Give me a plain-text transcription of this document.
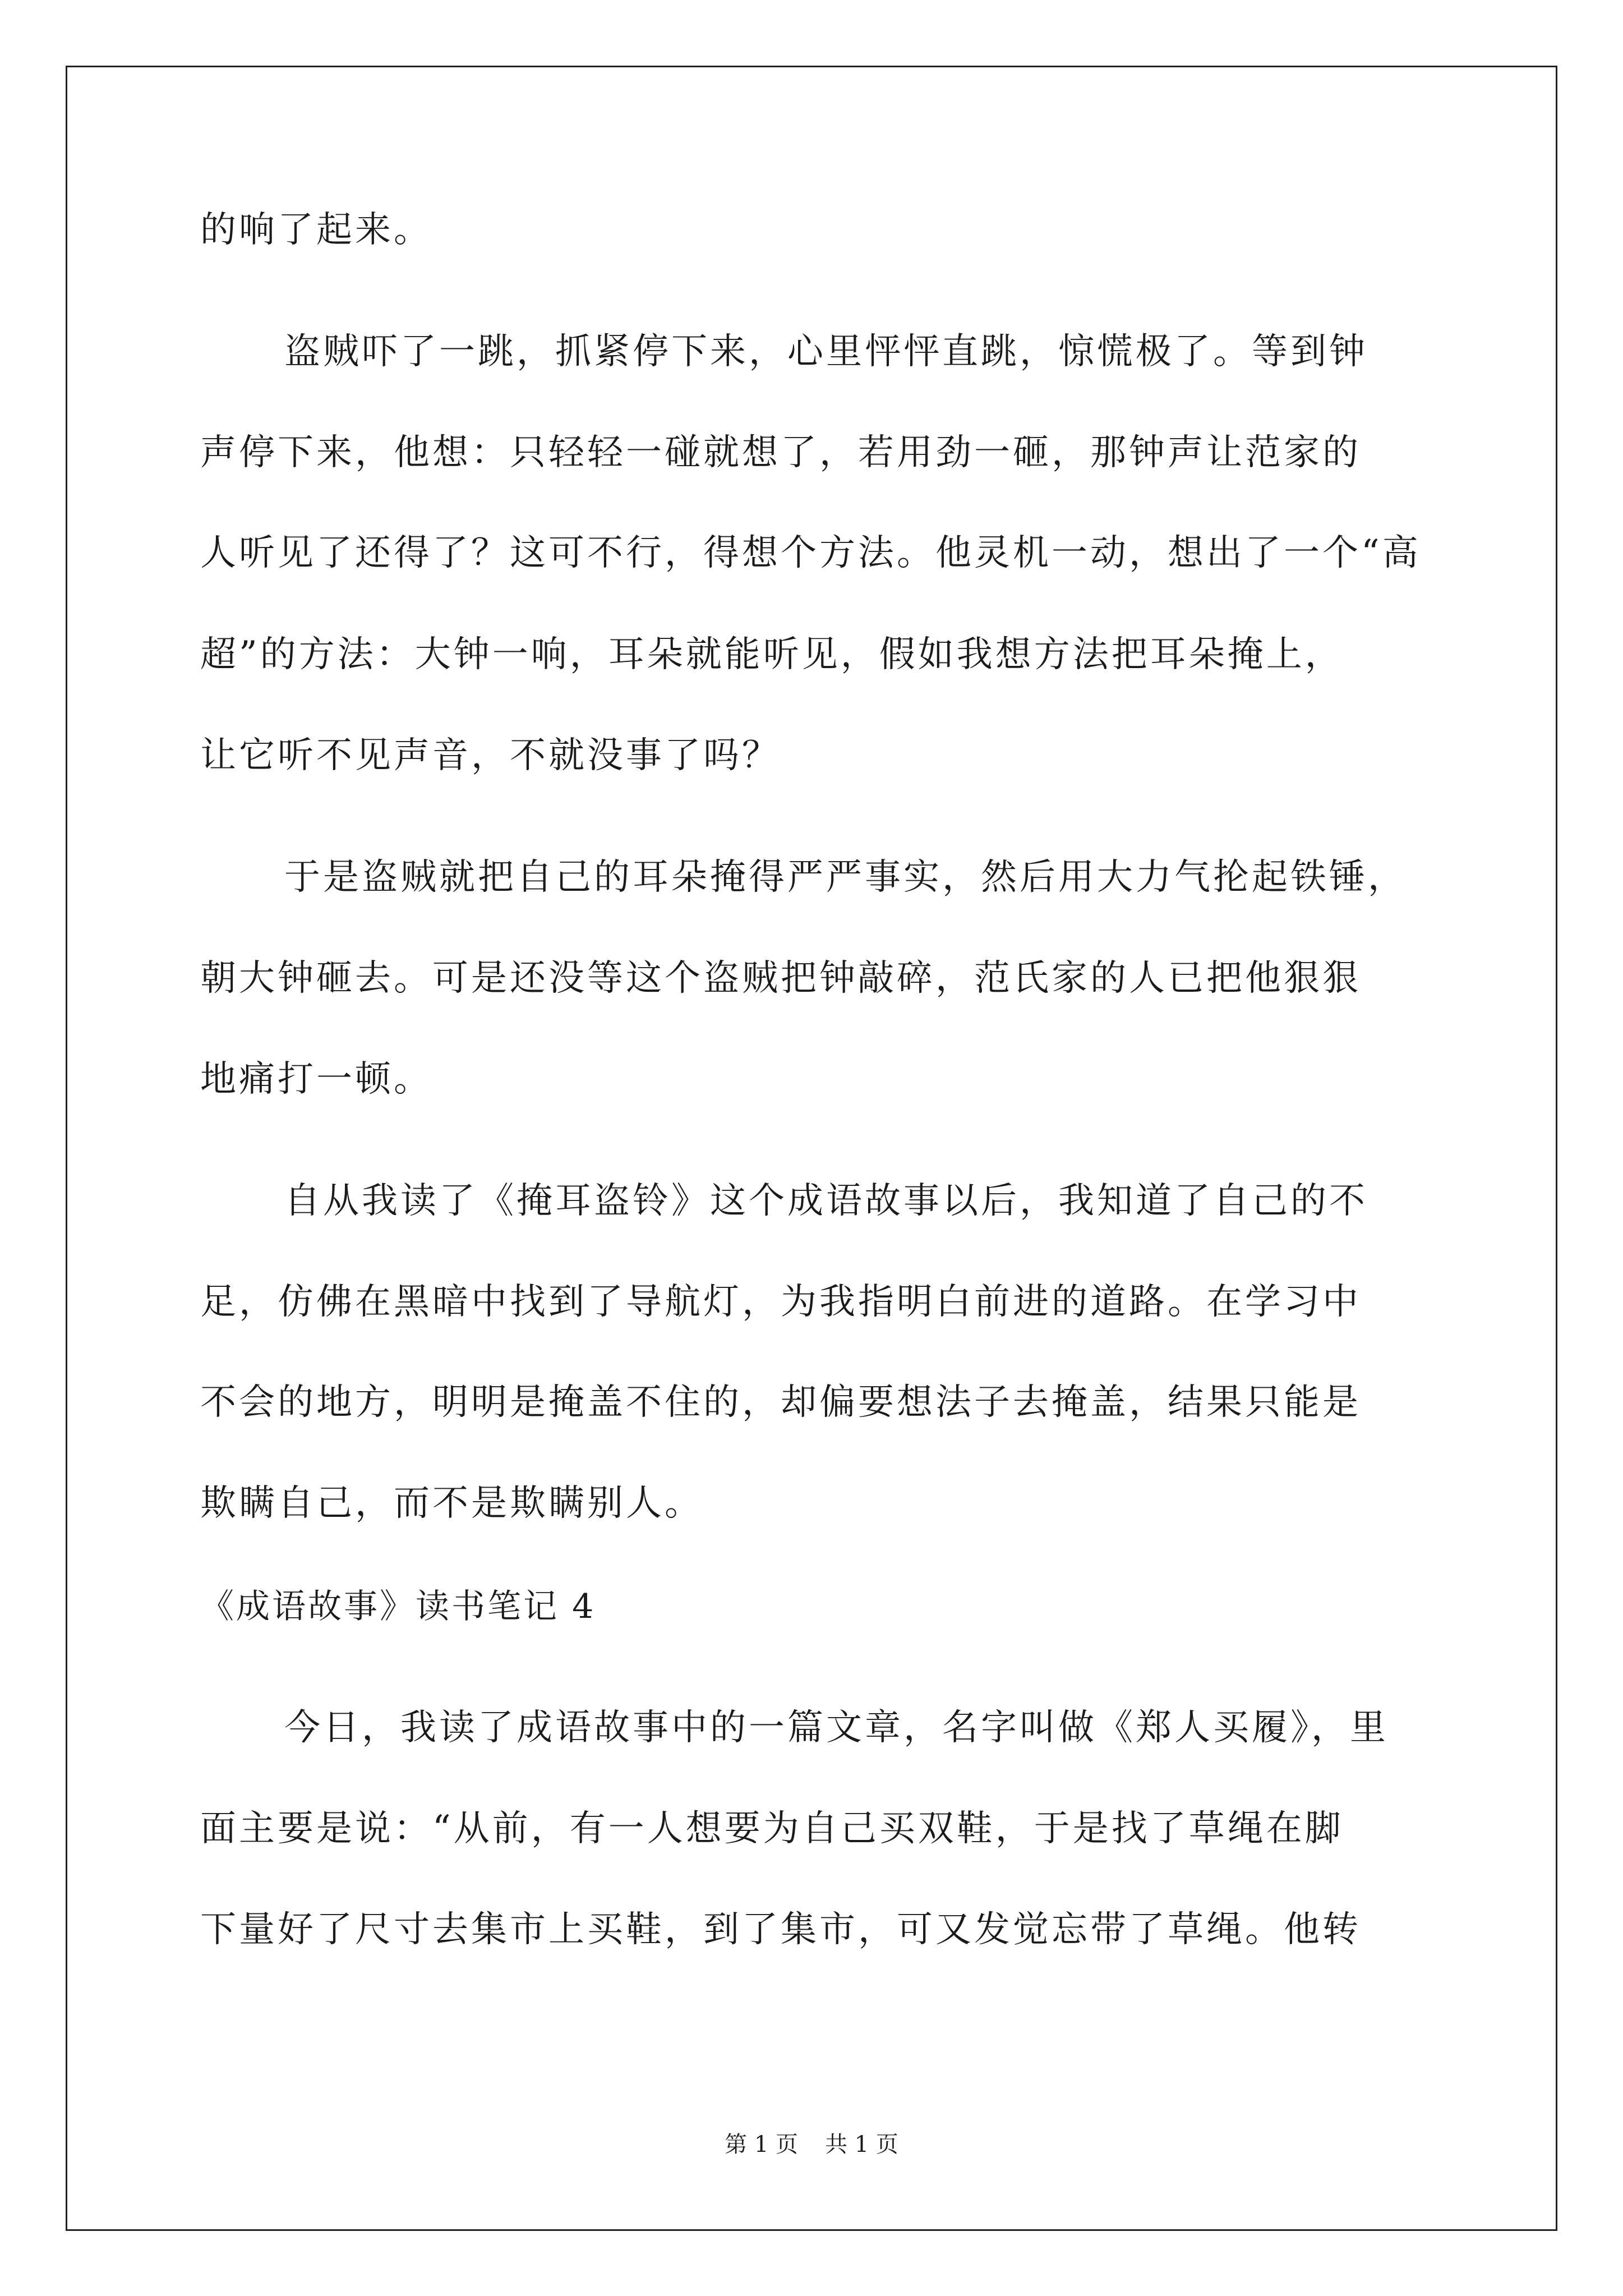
的响了起来。

盗贼吓了一跳，抓紧停下来，心里怦怦直跳，惊慌极了。等到钟

声停下来，他想：只轻轻一碰就想了，若用劲一砸，那钟声让范家的

人听见了还得了？这可不行，得想个方法。他灵机一动，想出了一个“高

超”的方法：大钟一响，耳朵就能听见，假如我想方法把耳朵掩上，

让它听不见声音，不就没事了吗？

于是盗贼就把自己的耳朵掩得严严事实，然后用大力气抡起铁锤，

朝大钟砸去。可是还没等这个盗贼把钟敲碎，范氏家的人已把他狠狠

地痛打一顿。

自从我读了《掩耳盗铃》这个成语故事以后，我知道了自己的不

足，仿佛在黑暗中找到了导航灯，为我指明白前进的道路。在学习中

不会的地方，明明是掩盖不住的，却偏要想法子去掩盖，结果只能是

欺瞒自己，而不是欺瞒别人。

《成语故事》读书笔记 4

今日，我读了成语故事中的一篇文章，名字叫做《郑人买履》，里

面主要是说：“从前，有一人想要为自己买双鞋，于是找了草绳在脚

下量好了尺寸去集市上买鞋，到了集市，可又发觉忘带了草绳。他转

第 1 页 共 1 页
